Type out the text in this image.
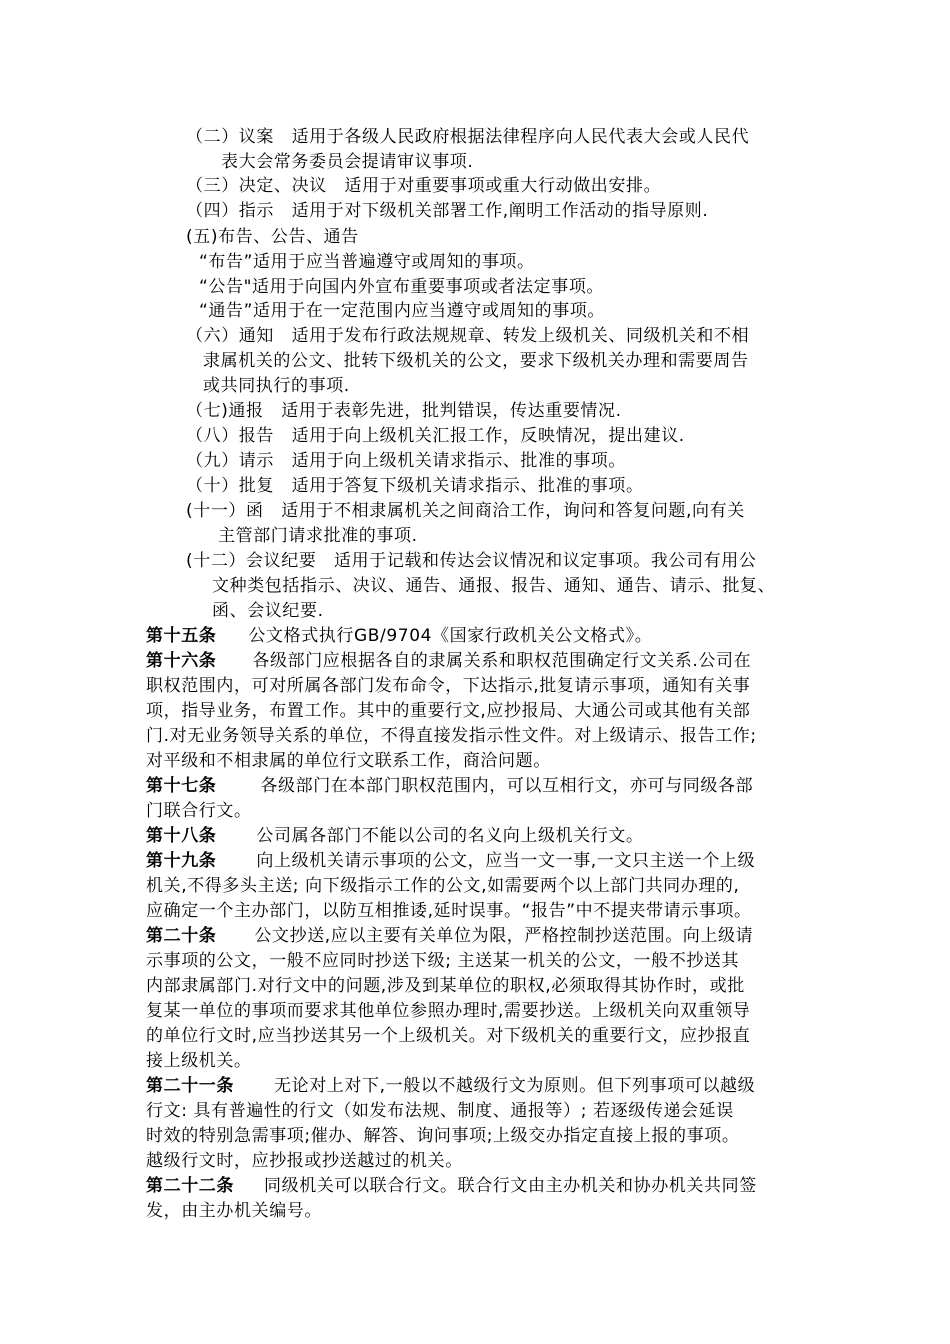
（二）议案　适用于各级人民政府根据法律程序向人民代表大会或人民代
表大会常务委员会提请审议事项.
（三）决定、决议　适用于对重要事项或重大行动做出安排。
（四）指示　适用于对下级机关部署工作,阐明工作活动的指导原则.
(五)布告、公告、通告
“布告”适用于应当普遍遵守或周知的事项。
“公告"适用于向国内外宣布重要事项或者法定事项。
“通告”适用于在一定范围内应当遵守或周知的事项。
（六）通知　适用于发布行政法规规章、转发上级机关、同级机关和不相
隶属机关的公文、批转下级机关的公文，要求下级机关办理和需要周告
或共同执行的事项.
（七)通报　适用于表彰先进，批判错误，传达重要情况.
（八）报告　适用于向上级机关汇报工作，反映情况，提出建议.
（九）请示　适用于向上级机关请求指示、批准的事项。
（十）批复　适用于答复下级机关请求指示、批准的事项。
(十一）函　适用于不相隶属机关之间商洽工作，询问和答复问题,向有关
主管部门请求批准的事项.
(十二）会议纪要　适用于记载和传达会议情况和议定事项。我公司有用公
文种类包括指示、决议、通告、通报、报告、通知、通告、请示、批复、
函、会议纪要.
第十五条 公文格式执行GB/9704《国家行政机关公文格式》。
第十六条 各级部门应根据各自的隶属关系和职权范围确定行文关系.公司在
职权范围内，可对所属各部门发布命令，下达指示,批复请示事项，通知有关事
项，指导业务，布置工作。其中的重要行文,应抄报局、大通公司或其他有关部
门.对无业务领导关系的单位，不得直接发指示性文件。对上级请示、报告工作;
对平级和不相隶属的单位行文联系工作，商洽问题。
第十七条	各级部门在本部门职权范围内，可以互相行文，亦可与同级各部
门联合行文。
第十八条 公司属各部门不能以公司的名义向上级机关行文。
第十九条 向上级机关请示事项的公文，应当一文一事,一文只主送一个上级
机关,不得多头主送; 向下级指示工作的公文,如需要两个以上部门共同办理的,
应确定一个主办部门，以防互相推诿,延时误事。“报告”中不提夹带请示事项。
第二十条 公文抄送,应以主要有关单位为限，严格控制抄送范围。向上级请
示事项的公文，一般不应同时抄送下级; 主送某一机关的公文，一般不抄送其
内部隶属部门.对行文中的问题,涉及到某单位的职权,必须取得其协作时，或批
复某一单位的事项而要求其他单位参照办理时,需要抄送。上级机关向双重领导
的单位行文时,应当抄送其另一个上级机关。对下级机关的重要行文，应抄报直
接上级机关。
第二十一条 无论对上对下,一般以不越级行文为原则。但下列事项可以越级
行文: 具有普遍性的行文（如发布法规、制度、通报等）; 若逐级传递会延误
时效的特别急需事项;催办、解答、询问事项;上级交办指定直接上报的事项。
越级行文时，应抄报或抄送越过的机关。
第二十二条 同级机关可以联合行文。联合行文由主办机关和协办机关共同签
发，由主办机关编号。
